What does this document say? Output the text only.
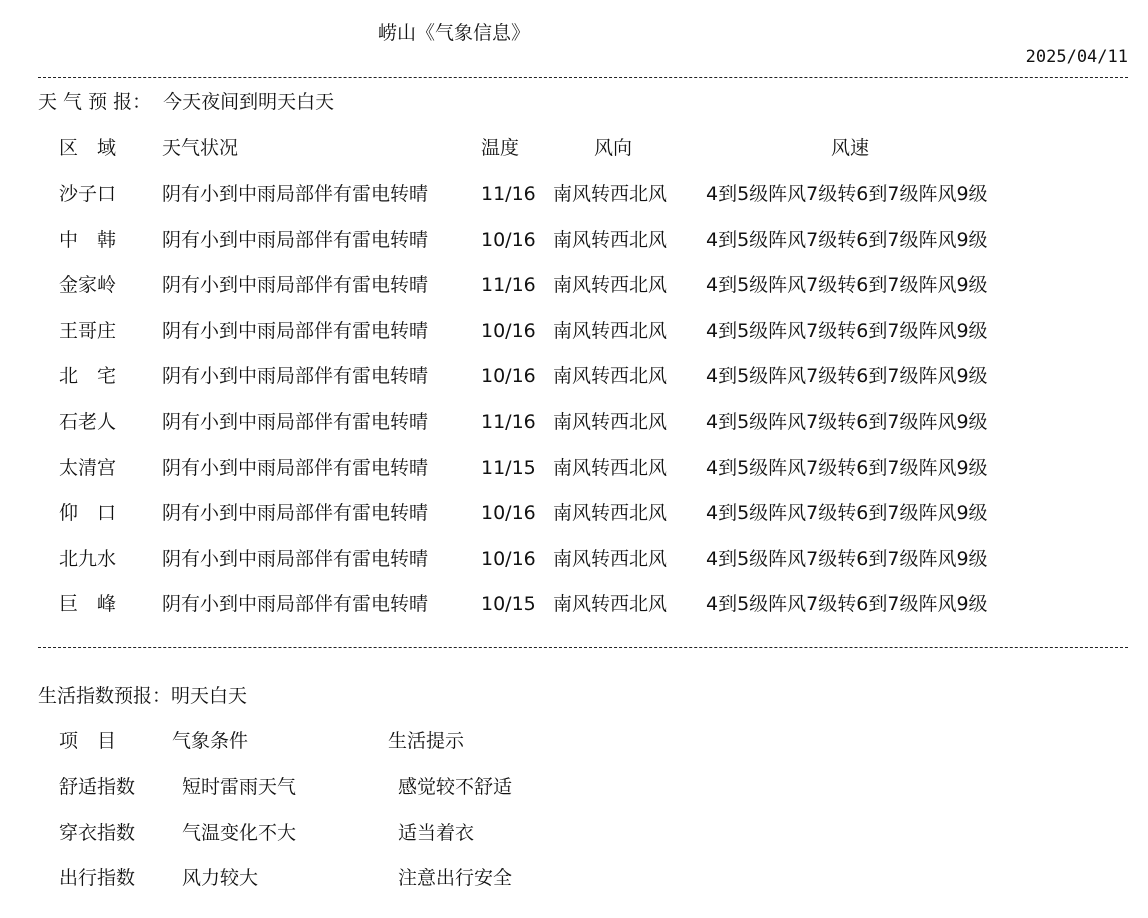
崂山《气象信息》
2025/04/11
天 气 预 报： 今天夜间到明天白天
区　域 天气状况	温度	风向	风速
沙子口 阴有小到中雨局部伴有雷电转晴	11/16 南风转西北风 4到5级阵风7级转6到7级阵风9级
中　韩 阴有小到中雨局部伴有雷电转晴	10/16 南风转西北风 4到5级阵风7级转6到7级阵风9级
金家岭 阴有小到中雨局部伴有雷电转晴	11/16 南风转西北风 4到5级阵风7级转6到7级阵风9级
王哥庄 阴有小到中雨局部伴有雷电转晴	10/16 南风转西北风 4到5级阵风7级转6到7级阵风9级
北　宅 阴有小到中雨局部伴有雷电转晴	10/16 南风转西北风 4到5级阵风7级转6到7级阵风9级
石老人 阴有小到中雨局部伴有雷电转晴	11/16 南风转西北风 4到5级阵风7级转6到7级阵风9级
太清宫 阴有小到中雨局部伴有雷电转晴	11/15 南风转西北风 4到5级阵风7级转6到7级阵风9级
仰　口 阴有小到中雨局部伴有雷电转晴	10/16 南风转西北风 4到5级阵风7级转6到7级阵风9级
北九水 阴有小到中雨局部伴有雷电转晴	10/16 南风转西北风 4到5级阵风7级转6到7级阵风9级
巨　峰 阴有小到中雨局部伴有雷电转晴	10/15 南风转西北风 4到5级阵风7级转6到7级阵风9级
生活指数预报：明天白天
项　目	气象条件	生活提示
舒适指数 短时雷雨天气	感觉较不舒适
穿衣指数 气温变化不大	适当着衣
出行指数 风力较大	注意出行安全
